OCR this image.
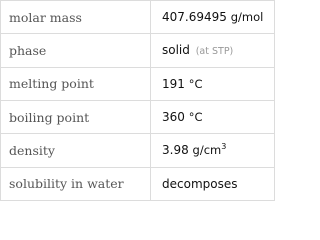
molar mass	407.69495 g/mol
phase	solid (at STP)
melting point	191 °C
boiling point	360 °C
density	3.98 $g/cm^3$
solubility in water	decomposes
